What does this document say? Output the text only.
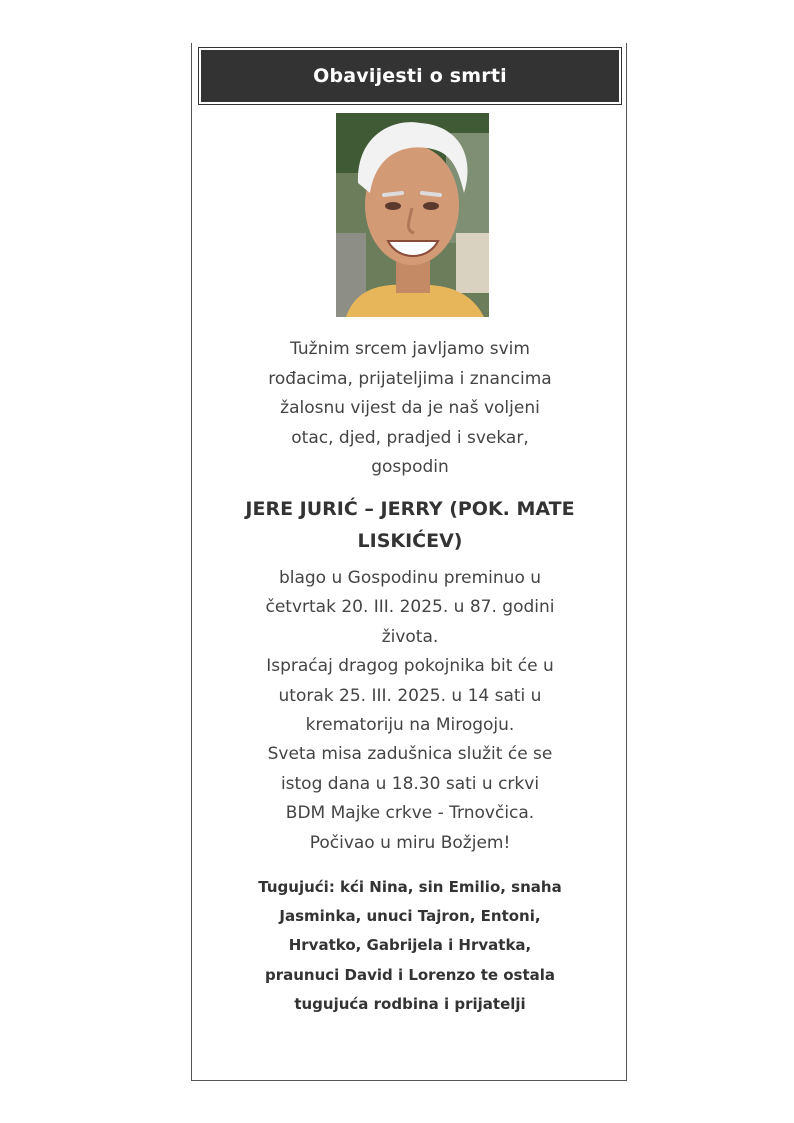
Obavijesti o smrti
Tužnim srcem javljamo svim
rođacima, prijateljima i znancima
žalosnu vijest da je naš voljeni
otac, djed, pradjed i svekar,
gospodin
JERE JURIĆ – JERRY (POK. MATE LISKIĆEV)
blago u Gospodinu preminuo u
četvrtak 20. III. 2025. u 87. godini
života.
Ispraćaj dragog pokojnika bit će u
utorak 25. III. 2025. u 14 sati u
krematoriju na Mirogoju.
Sveta misa zadušnica služit će se
istog dana u 18.30 sati u crkvi
BDM Majke crkve - Trnovčica.
Počivao u miru Božjem!
Tugujući: kći Nina, sin Emilio, snaha
Jasminka, unuci Tajron, Entoni,
Hrvatko, Gabrijela i Hrvatka,
praunuci David i Lorenzo te ostala
tugujuća rodbina i prijatelji
